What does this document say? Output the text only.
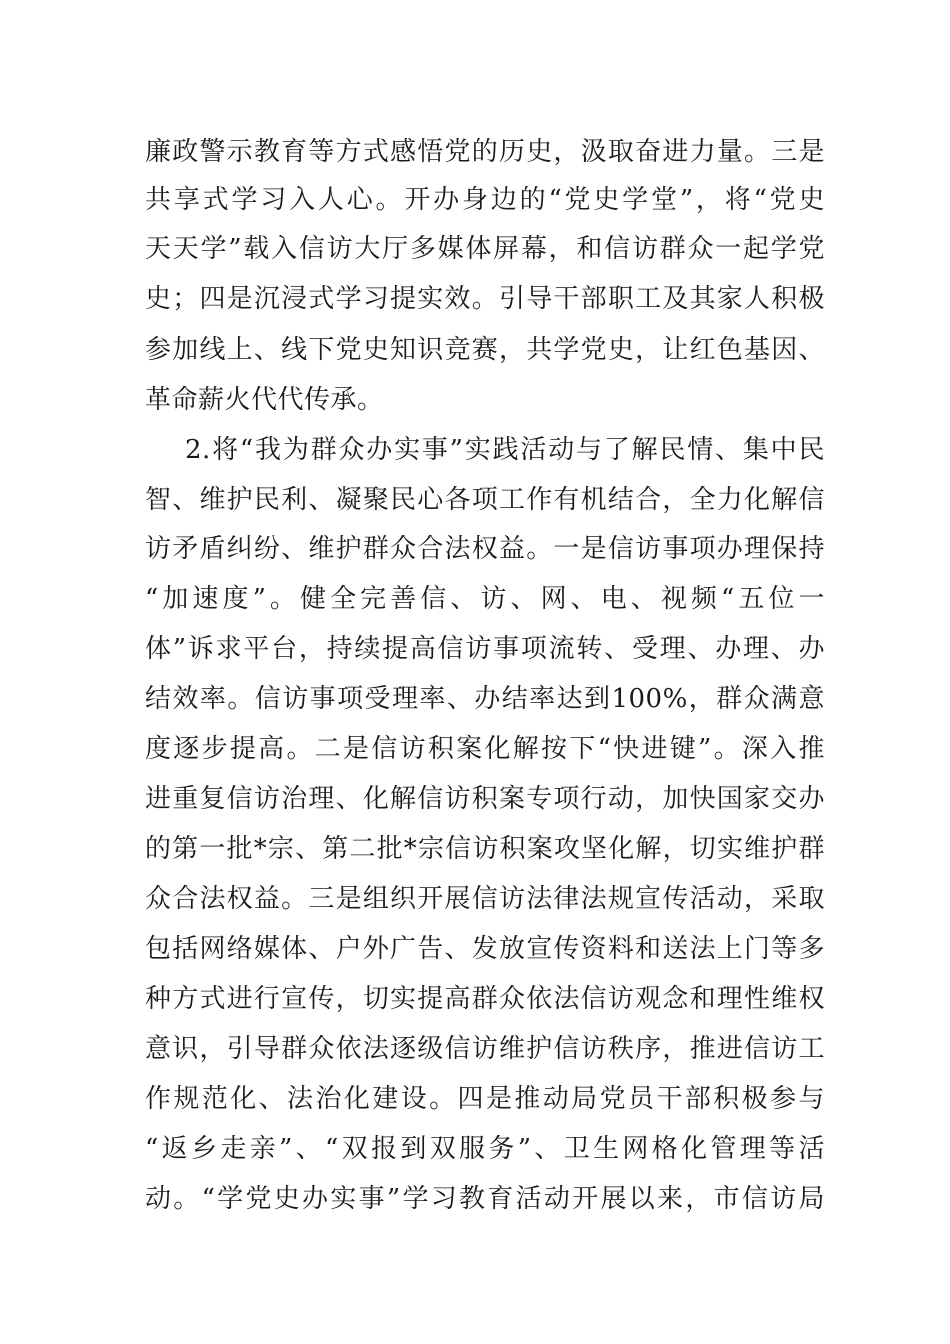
廉政警示教育等方式感悟党的历史，汲取奋进力量。三是
共享式学习入人心。开办身边的“党史学堂”，将“党史
天天学”载入信访大厅多媒体屏幕，和信访群众一起学党
史；四是沉浸式学习提实效。引导干部职工及其家人积极
参加线上、线下党史知识竞赛，共学党史，让红色基因、
革命薪火代代传承。
2.将“我为群众办实事”实践活动与了解民情、集中民
智、维护民利、凝聚民心各项工作有机结合，全力化解信
访矛盾纠纷、维护群众合法权益。一是信访事项办理保持
“加速度”。健全完善信、访、网、电、视频“五位一
体”诉求平台，持续提高信访事项流转、受理、办理、办
结效率。信访事项受理率、办结率达到100%，群众满意
度逐步提高。二是信访积案化解按下“快进键”。深入推
进重复信访治理、化解信访积案专项行动，加快国家交办
的第一批*宗、第二批*宗信访积案攻坚化解，切实维护群
众合法权益。三是组织开展信访法律法规宣传活动，采取
包括网络媒体、户外广告、发放宣传资料和送法上门等多
种方式进行宣传，切实提高群众依法信访观念和理性维权
意识，引导群众依法逐级信访维护信访秩序，推进信访工
作规范化、法治化建设。四是推动局党员干部积极参与
“返乡走亲”、“双报到双服务”、卫生网格化管理等活
动。“学党史办实事”学习教育活动开展以来，市信访局
